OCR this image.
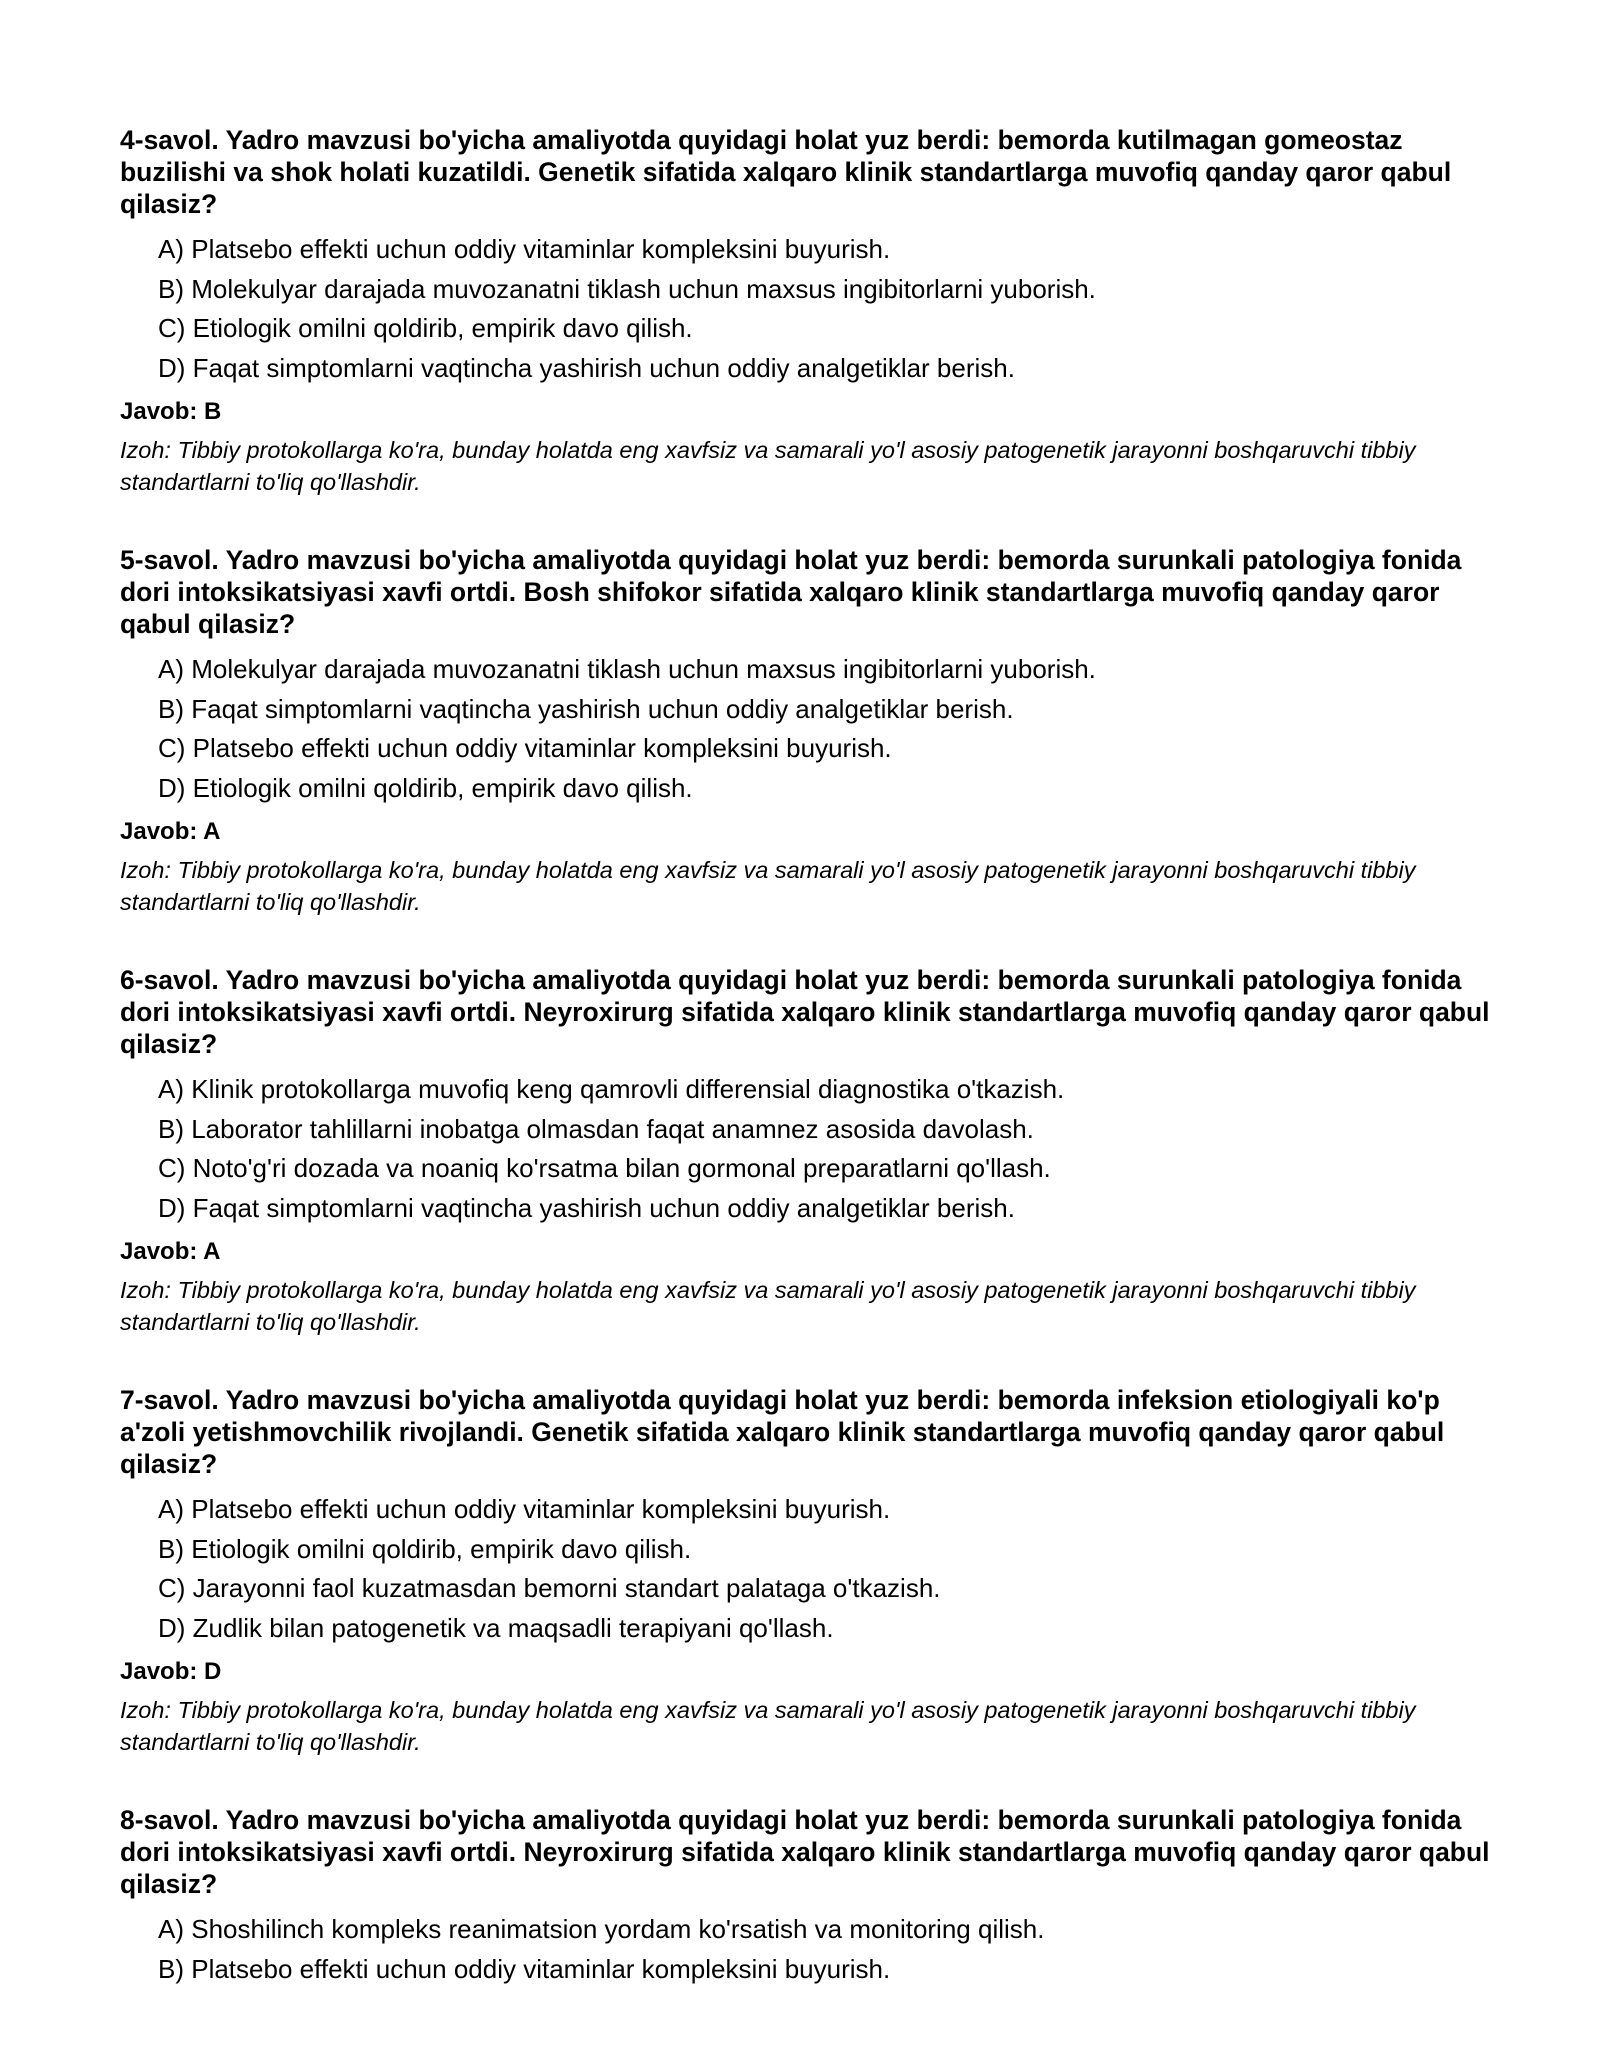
4-savol. Yadro mavzusi bo'yicha amaliyotda quyidagi holat yuz berdi: bemorda kutilmagan gomeostaz buzilishi va shok holati kuzatildi. Genetik sifatida xalqaro klinik standartlarga muvofiq qanday qaror qabul qilasiz?
A) Platsebo effekti uchun oddiy vitaminlar kompleksini buyurish.
B) Molekulyar darajada muvozanatni tiklash uchun maxsus ingibitorlarni yuborish.
C) Etiologik omilni qoldirib, empirik davo qilish.
D) Faqat simptomlarni vaqtincha yashirish uchun oddiy analgetiklar berish.
Javob: B
Izoh: Tibbiy protokollarga ko'ra, bunday holatda eng xavfsiz va samarali yo'l asosiy patogenetik jarayonni boshqaruvchi tibbiy standartlarni to'liq qo'llashdir.
5-savol. Yadro mavzusi bo'yicha amaliyotda quyidagi holat yuz berdi: bemorda surunkali patologiya fonida dori intoksikatsiyasi xavfi ortdi. Bosh shifokor sifatida xalqaro klinik standartlarga muvofiq qanday qaror qabul qilasiz?
A) Molekulyar darajada muvozanatni tiklash uchun maxsus ingibitorlarni yuborish.
B) Faqat simptomlarni vaqtincha yashirish uchun oddiy analgetiklar berish.
C) Platsebo effekti uchun oddiy vitaminlar kompleksini buyurish.
D) Etiologik omilni qoldirib, empirik davo qilish.
Javob: A
Izoh: Tibbiy protokollarga ko'ra, bunday holatda eng xavfsiz va samarali yo'l asosiy patogenetik jarayonni boshqaruvchi tibbiy standartlarni to'liq qo'llashdir.
6-savol. Yadro mavzusi bo'yicha amaliyotda quyidagi holat yuz berdi: bemorda surunkali patologiya fonida dori intoksikatsiyasi xavfi ortdi. Neyroxirurg sifatida xalqaro klinik standartlarga muvofiq qanday qaror qabul qilasiz?
A) Klinik protokollarga muvofiq keng qamrovli differensial diagnostika o'tkazish.
B) Laborator tahlillarni inobatga olmasdan faqat anamnez asosida davolash.
C) Noto'g'ri dozada va noaniq ko'rsatma bilan gormonal preparatlarni qo'llash.
D) Faqat simptomlarni vaqtincha yashirish uchun oddiy analgetiklar berish.
Javob: A
Izoh: Tibbiy protokollarga ko'ra, bunday holatda eng xavfsiz va samarali yo'l asosiy patogenetik jarayonni boshqaruvchi tibbiy standartlarni to'liq qo'llashdir.
7-savol. Yadro mavzusi bo'yicha amaliyotda quyidagi holat yuz berdi: bemorda infeksion etiologiyali ko'p a'zoli yetishmovchilik rivojlandi. Genetik sifatida xalqaro klinik standartlarga muvofiq qanday qaror qabul qilasiz?
A) Platsebo effekti uchun oddiy vitaminlar kompleksini buyurish.
B) Etiologik omilni qoldirib, empirik davo qilish.
C) Jarayonni faol kuzatmasdan bemorni standart palataga o'tkazish.
D) Zudlik bilan patogenetik va maqsadli terapiyani qo'llash.
Javob: D
Izoh: Tibbiy protokollarga ko'ra, bunday holatda eng xavfsiz va samarali yo'l asosiy patogenetik jarayonni boshqaruvchi tibbiy standartlarni to'liq qo'llashdir.
8-savol. Yadro mavzusi bo'yicha amaliyotda quyidagi holat yuz berdi: bemorda surunkali patologiya fonida dori intoksikatsiyasi xavfi ortdi. Neyroxirurg sifatida xalqaro klinik standartlarga muvofiq qanday qaror qabul qilasiz?
A) Shoshilinch kompleks reanimatsion yordam ko'rsatish va monitoring qilish.
B) Platsebo effekti uchun oddiy vitaminlar kompleksini buyurish.
